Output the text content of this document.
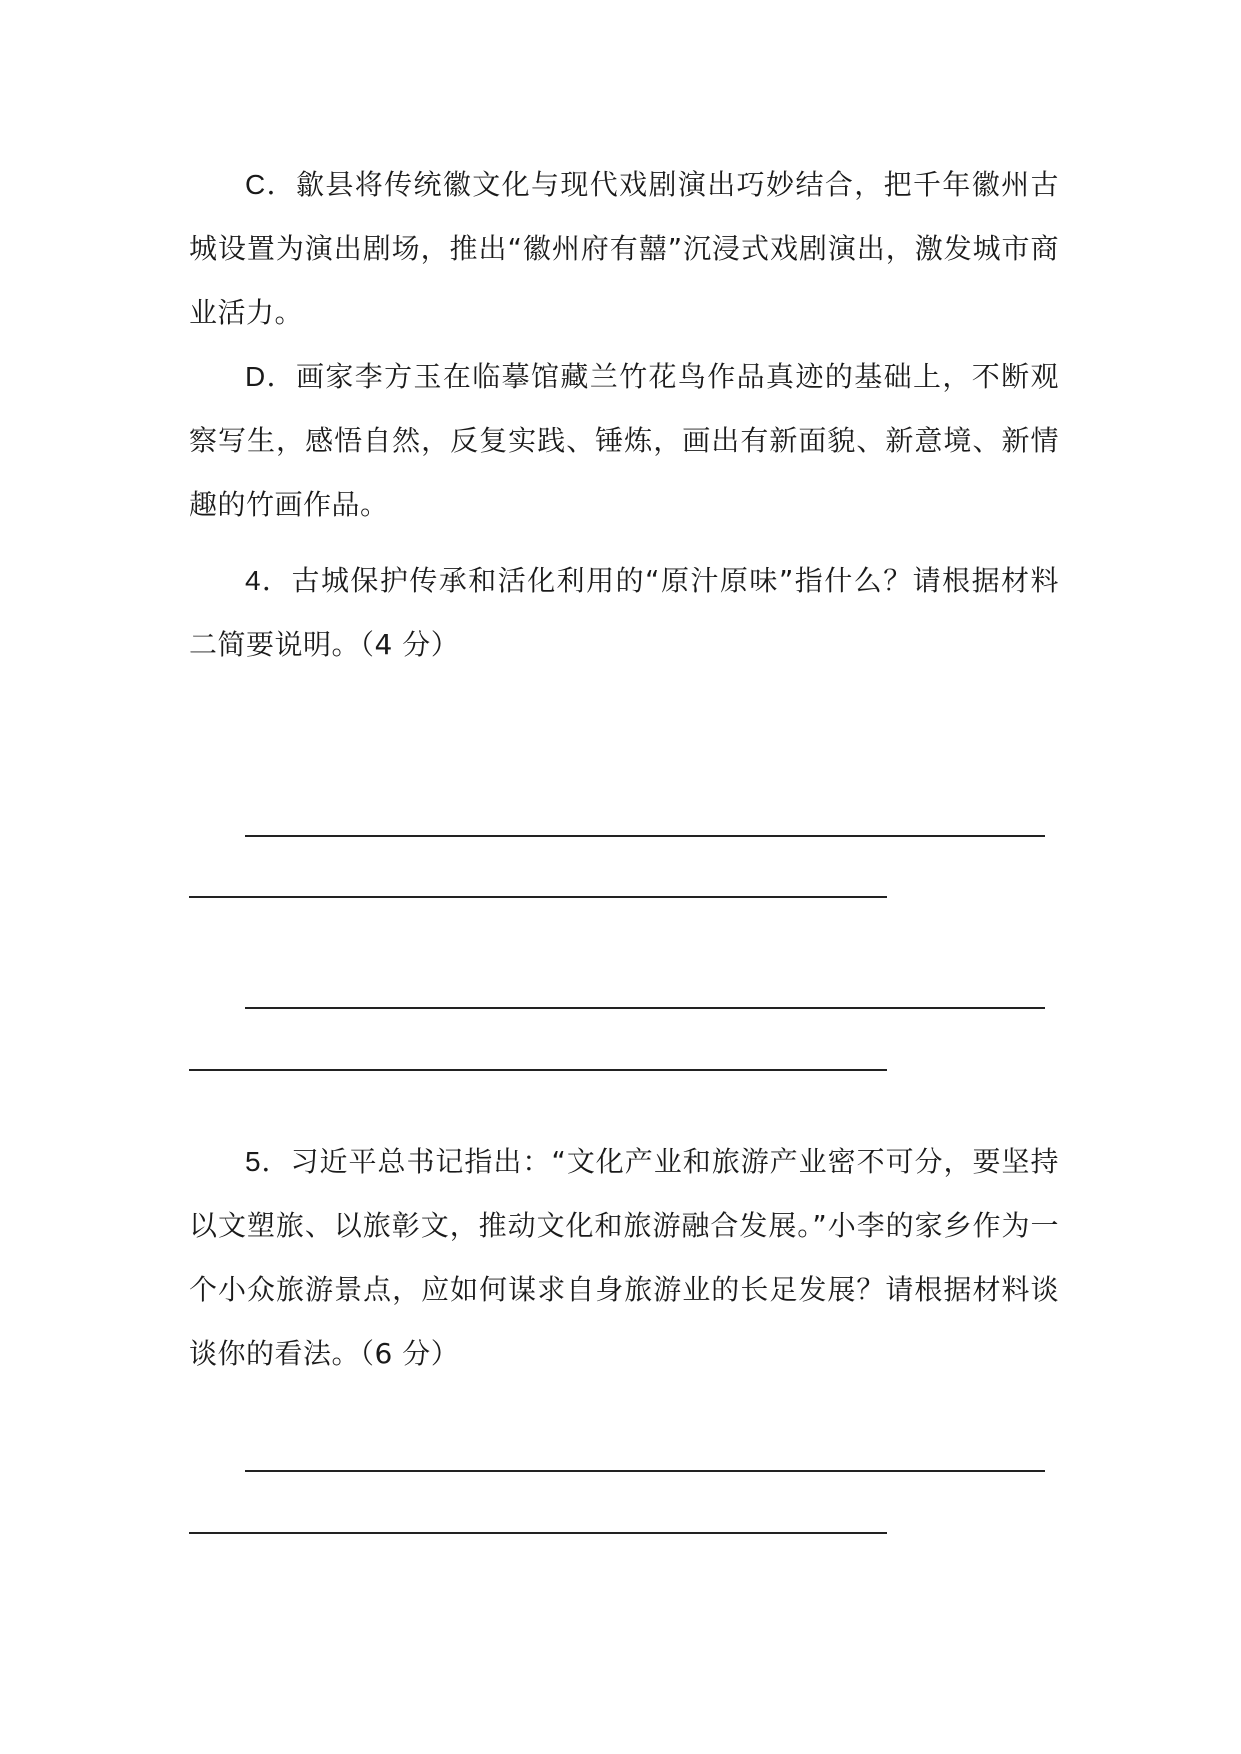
C．歙县将传统徽文化与现代戏剧演出巧妙结合，把千年徽州古城设置为演出剧场，推出“徽州府有囍”沉浸式戏剧演出，激发城市商业活力。

D．画家李方玉在临摹馆藏兰竹花鸟作品真迹的基础上，不断观察写生，感悟自然，反复实践、锤炼，画出有新面貌、新意境、新情趣的竹画作品。

4．古城保护传承和活化利用的“原汁原味”指什么？请根据材料二简要说明。（4 分）

5．习近平总书记指出：“文化产业和旅游产业密不可分，要坚持以文塑旅、以旅彰文，推动文化和旅游融合发展。”小李的家乡作为一个小众旅游景点，应如何谋求自身旅游业的长足发展？请根据材料谈谈你的看法。（6 分）
